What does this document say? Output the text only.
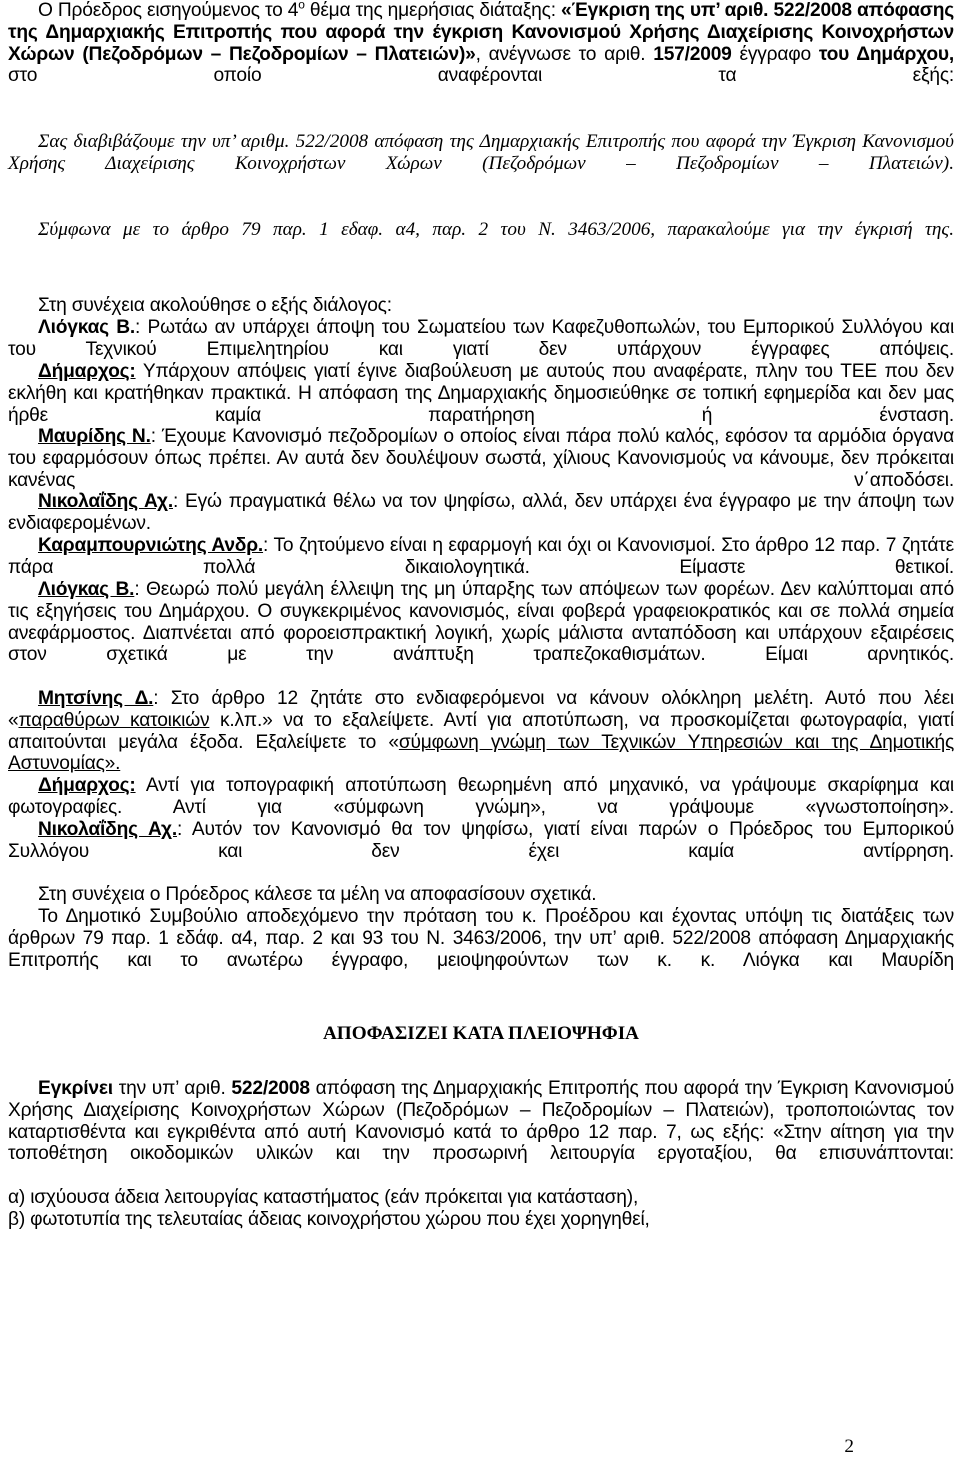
Ο Πρόεδρος εισηγούμενος το $4^o$ θέμα της ημερήσιας διάταξης: «Έγκριση της υπ’ αριθ. 522/2008 απόφασης της Δημαρχιακής Επιτροπής που αφορά την έγκριση Κανονισμού Χρήσης Διαχείρισης Κοινοχρήστων Χώρων (Πεζοδρόμων – Πεζοδρομίων – Πλατειών)», ανέγνωσε το αριθ. 157/2009 έγγραφο του Δημάρχου, στο οποίο αναφέρονται τα εξής:

Σας διαβιβάζουμε την υπ’ αριθμ. 522/2008 απόφαση της Δημαρχιακής Επιτροπής που αφορά την Έγκριση Κανονισμού Χρήσης Διαχείρισης Κοινοχρήστων Χώρων (Πεζοδρόμων – Πεζοδρομίων – Πλατειών).

Σύμφωνα με το άρθρο 79 παρ. 1 εδαφ. α4, παρ. 2 του Ν. 3463/2006, παρακαλούμε για την έγκρισή της.

Στη συνέχεια ακολούθησε ο εξής διάλογος:

Λιόγκας Β.: Ρωτάω αν υπάρχει άποψη του Σωματείου των Καφεζυθοπωλών, του Εμπορικού Συλλόγου και του Τεχνικού Επιμελητηρίου και γιατί δεν υπάρχουν έγγραφες απόψεις.

Δήμαρχος: Υπάρχουν απόψεις γιατί έγινε διαβούλευση με αυτούς που αναφέρατε, πλην του ΤΕΕ που δεν εκλήθη και κρατήθηκαν πρακτικά. Η απόφαση της Δημαρχιακής δημοσιεύθηκε σε τοπική εφημερίδα και δεν μας ήρθε καμία παρατήρηση ή ένσταση.

Μαυρίδης Ν.: Έχουμε Κανονισμό πεζοδρομίων ο οποίος είναι πάρα πολύ καλός, εφόσον τα αρμόδια όργανα του εφαρμόσουν όπως πρέπει. Αν αυτά δεν δουλέψουν σωστά, χίλιους Κανονισμούς να κάνουμε, δεν πρόκειται κανένας ν΄αποδόσει.

Νικολαΐδης Αχ.: Εγώ πραγματικά θέλω να τον ψηφίσω, αλλά, δεν υπάρχει ένα έγγραφο με την άποψη των ενδιαφερομένων.

Καραμπουρνιώτης Ανδρ.: Το ζητούμενο είναι η εφαρμογή και όχι οι Κανονισμοί. Στο άρθρο 12 παρ. 7 ζητάτε πάρα πολλά δικαιολογητικά. Είμαστε θετικοί.

Λιόγκας Β.: Θεωρώ πολύ μεγάλη έλλειψη της μη ύπαρξης των απόψεων των φορέων. Δεν καλύπτομαι από τις εξηγήσεις του Δημάρχου. Ο συγκεκριμένος κανονισμός, είναι φοβερά γραφειοκρατικός και σε πολλά σημεία ανεφάρμοστος. Διαπνέεται από φοροεισπρακτική λογική, χωρίς μάλιστα ανταπόδοση και υπάρχουν εξαιρέσεις στον σχετικά με την ανάπτυξη τραπεζοκαθισμάτων. Είμαι αρνητικός.

Μητσίνης Δ.: Στο άρθρο 12 ζητάτε στο ενδιαφερόμενοι να κάνουν ολόκληρη μελέτη. Αυτό που λέει «παραθύρων κατοικιών κ.λπ.» να το εξαλείψετε. Αντί για αποτύπωση, να προσκομίζεται φωτογραφία, γιατί απαιτούνται μεγάλα έξοδα. Εξαλείψετε το «σύμφωνη γνώμη των Τεχνικών Υπηρεσιών και της Δημοτικής Αστυνομίας».

Δήμαρχος: Αντί για τοπογραφική αποτύπωση θεωρημένη από μηχανικό, να γράψουμε σκαρίφημα και φωτογραφίες. Αντί για «σύμφωνη γνώμη», να γράψουμε «γνωστοποίηση».

Νικολαΐδης Αχ.: Αυτόν τον Κανονισμό θα τον ψηφίσω, γιατί είναι παρών ο Πρόεδρος του Εμπορικού Συλλόγου και δεν έχει καμία αντίρρηση.

Στη συνέχεια ο Πρόεδρος κάλεσε τα μέλη να αποφασίσουν σχετικά.

Το Δημοτικό Συμβούλιο αποδεχόμενο την πρόταση του κ. Προέδρου και έχοντας υπόψη τις διατάξεις των άρθρων 79 παρ. 1 εδάφ. α4, παρ. 2 και 93 του Ν. 3463/2006, την υπ’ αριθ. 522/2008 απόφαση Δημαρχιακής Επιτροπής και το ανωτέρω έγγραφο, μειοψηφούντων των κ. κ. Λιόγκα και Μαυρίδη

ΑΠΟΦΑΣΙΖΕΙ ΚΑΤΑ ΠΛΕΙΟΨΗΦΙΑ

Εγκρίνει την υπ’ αριθ. 522/2008 απόφαση της Δημαρχιακής Επιτροπής που αφορά την Έγκριση Κανονισμού Χρήσης Διαχείρισης Κοινοχρήστων Χώρων (Πεζοδρόμων – Πεζοδρομίων – Πλατειών), τροποποιώντας τον καταρτισθέντα και εγκριθέντα από αυτή Κανονισμό κατά το άρθρο 12 παρ. 7, ως εξής: «Στην αίτηση για την τοποθέτηση οικοδομικών υλικών και την προσωρινή λειτουργία εργοταξίου, θα επισυνάπτονται:

α) ισχύουσα άδεια λειτουργίας καταστήματος (εάν πρόκειται για κατάσταση),

β) φωτοτυπία της τελευταίας άδειας κοινοχρήστου χώρου που έχει χορηγηθεί,

2
